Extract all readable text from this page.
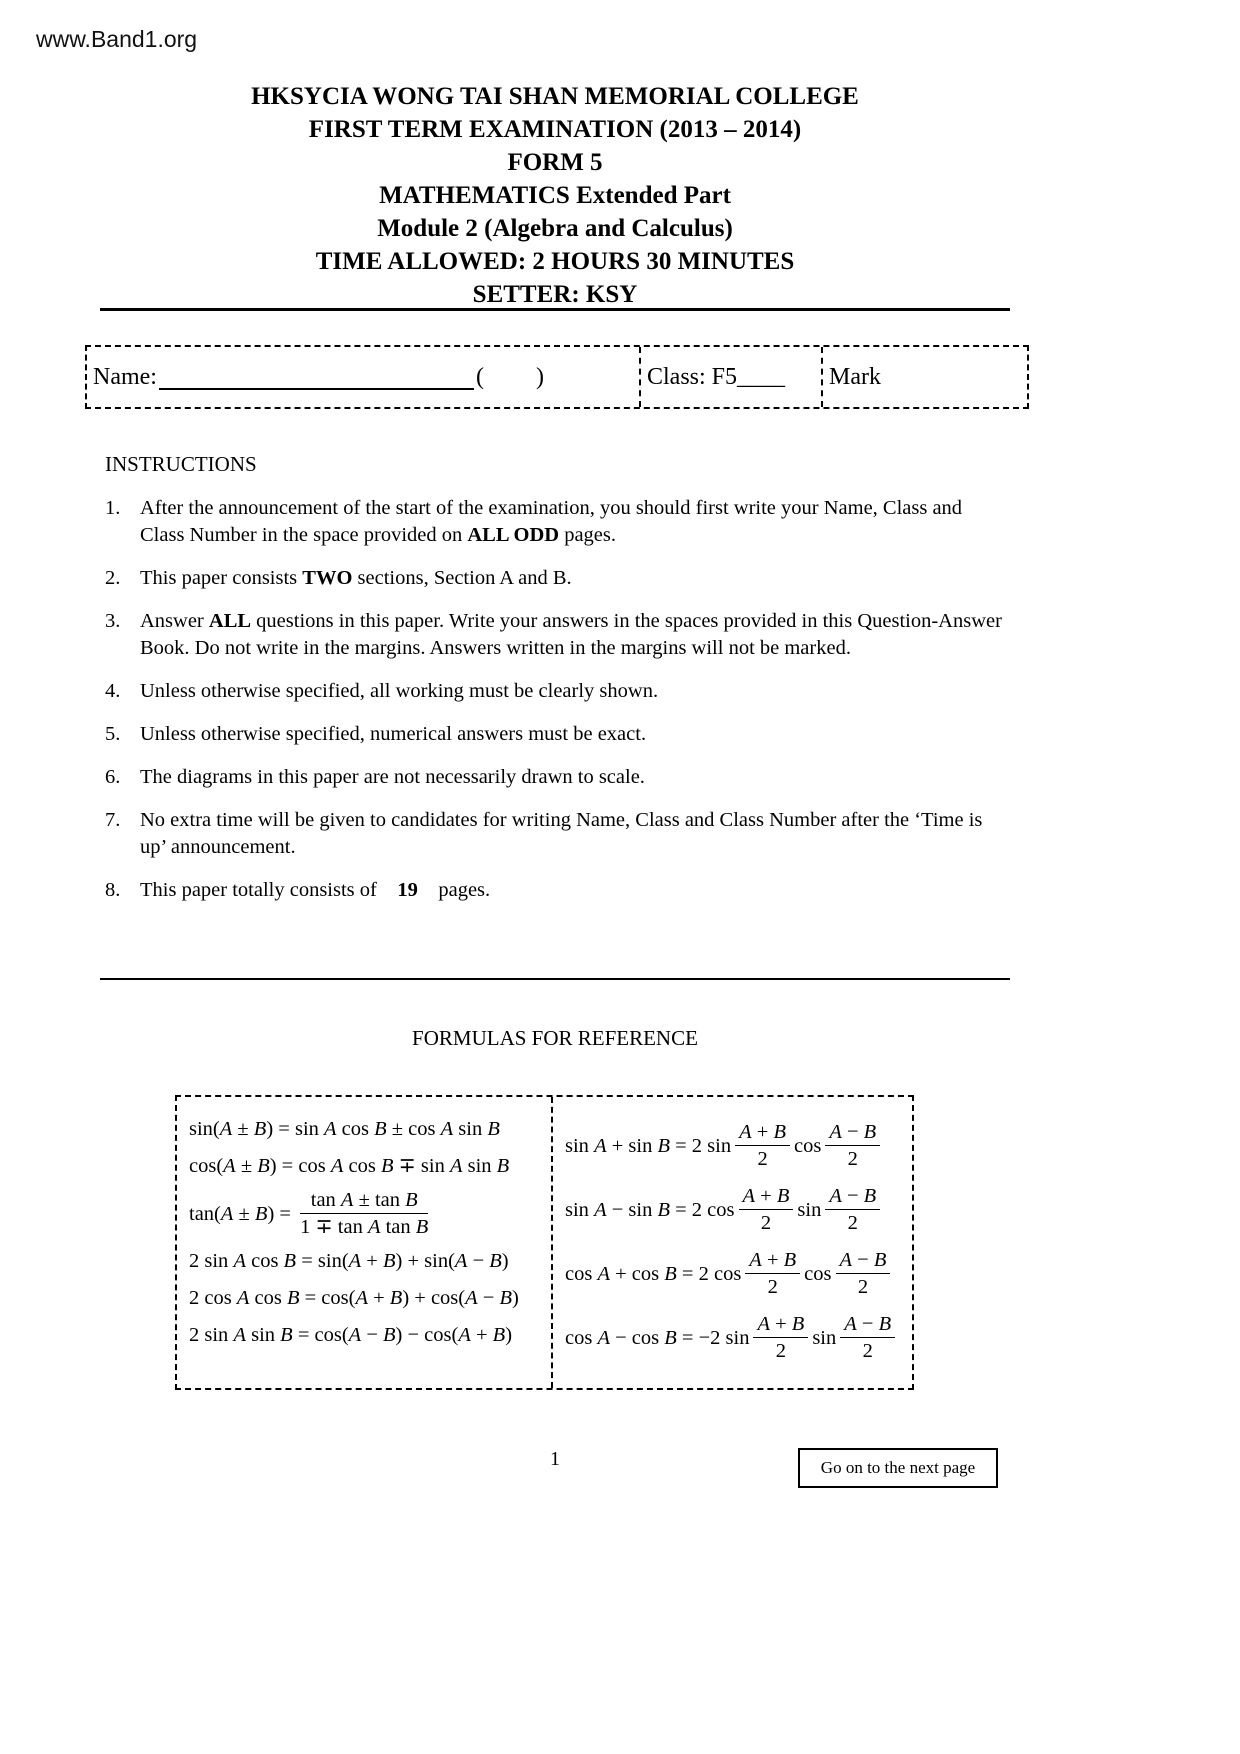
www.Band1.org
HKSYCIA WONG TAI SHAN MEMORIAL COLLEGE
FIRST TERM EXAMINATION (2013 – 2014)
FORM 5
MATHEMATICS Extended Part
Module 2 (Algebra and Calculus)
TIME ALLOWED: 2 HOURS 30 MINUTES
SETTER: KSY
Name:	( )	Class: F5____ Mark
INSTRUCTIONS
1. After the announcement of the start of the examination, you should first write your Name, Class and Class Number in the space provided on ALL ODD pages.
2. This paper consists TWO sections, Section A and B.
3. Answer ALL questions in this paper. Write your answers in the spaces provided in this Question-Answer Book. Do not write in the margins. Answers written in the margins will not be marked.
4. Unless otherwise specified, all working must be clearly shown.
5. Unless otherwise specified, numerical answers must be exact.
6. The diagrams in this paper are not necessarily drawn to scale.
7. No extra time will be given to candidates for writing Name, Class and Class Number after the ‘Time is up’ announcement.
8. This paper totally consists of    19    pages.
FORMULAS FOR REFERENCE
sin(A ± B) = sin A cos B ± cos A sin B
cos(A ± B) = cos A cos B ∓ sin A sin B
$\tan(A \pm B) = \frac{\text{tan A ± tan B}}{\text{1 ∓ tan A tan B}}$
2 sin A cos B = sin(A + B) + sin(A − B)
2 cos A cos B = cos(A + B) + cos(A − B)
2 sin A sin B = cos(A − B) − cos(A + B)
sin A + sin B = 2 $\sin \frac{A + B}{2}$ $\cos \frac{A - B}{2}$
sin A − sin B = 2 $\cos \frac{A + B}{2}$ $\sin \frac{A - B}{2}$
cos A + cos B = 2 $\cos \frac{A + B}{2}$ $\cos \frac{A - B}{2}$
cos A − cos B = −2 $\sin \frac{A + B}{2}$ $\sin \frac{A - B}{2}$
1	Go on to the next page
